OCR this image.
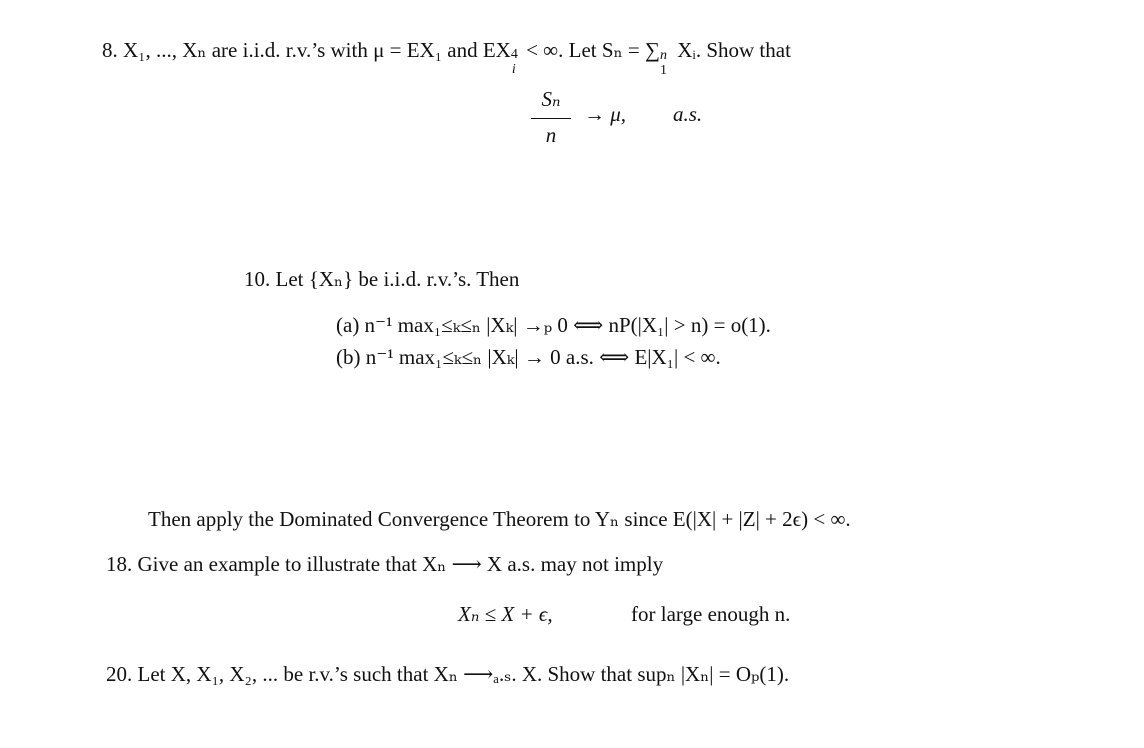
8. X₁, ..., Xₙ are i.i.d. r.v.’s with μ = EX₁ and EX 4
i
< ∞. Let Sₙ = ∑ n
1
Xᵢ. Show that
Sₙ
n
→ μ, a.s.
10. Let {Xₙ} be i.i.d. r.v.’s. Then
(a) n⁻¹ max₁≤ₖ≤ₙ |Xₖ| →ₚ 0 ⟺ nP(|X₁| > n) = o(1).
(b) n⁻¹ max₁≤ₖ≤ₙ |Xₖ| → 0 a.s. ⟺ E|X₁| < ∞.
Then apply the Dominated Convergence Theorem to Yₙ since E(|X| + |Z| + 2ϵ) < ∞.
18. Give an example to illustrate that Xₙ ⟶ X a.s. may not imply
Xₙ ≤ X + ϵ,	for large enough n.
20. Let X, X₁, X₂, ... be r.v.’s such that Xₙ ⟶ₐ.ₛ. X. Show that supₙ |Xₙ| = Oₚ(1).
